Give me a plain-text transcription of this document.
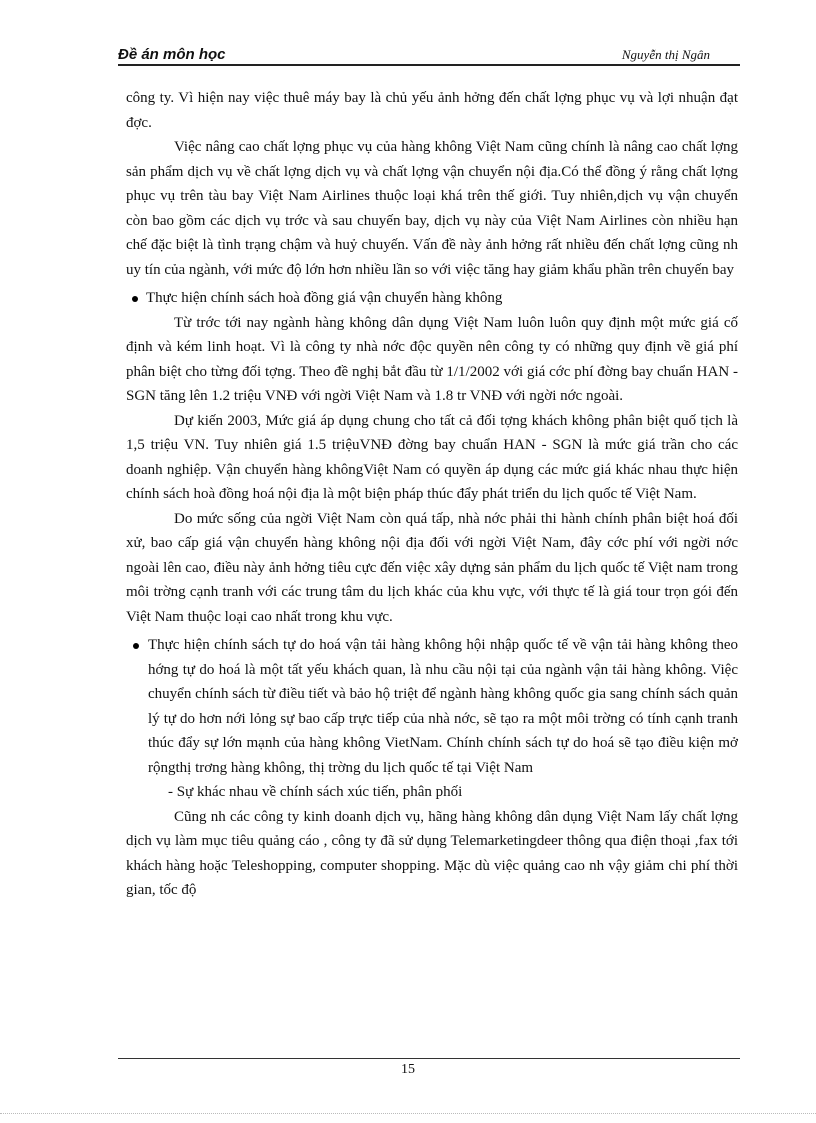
Đề án môn học	Nguyễn thị Ngân

công ty. Vì hiện nay việc thuê máy bay là chủ yếu ảnh hởng đến chất lợng phục vụ và lợi nhuận đạt đợc.

Việc nâng cao chất lợng phục vụ của hàng không Việt Nam cũng chính là nâng cao chất lợng sản phẩm dịch vụ về chất lợng dịch vụ và chất lợng vận chuyển nội địa.Có thể đồng ý rằng chất lợng phục vụ trên tàu bay Việt Nam Airlines thuộc loại khá trên thế giới. Tuy nhiên,dịch vụ vận chuyển còn bao gồm các dịch vụ trớc và sau chuyến bay, dịch vụ này của Việt Nam Airlines còn nhiều hạn chế đặc biệt là tình trạng chậm và huỷ chuyến. Vấn đề này ảnh hởng rất nhiều đến chất lợng cũng nh uy tín của ngành, với mức độ lớn hơn nhiều lần so với việc tăng hay giảm khẩu phần trên chuyến bay

Thực hiện chính sách hoà đồng giá vận chuyển hàng không

Từ trớc tới nay ngành hàng không dân dụng Việt Nam luôn luôn quy định một mức giá cố định và kém linh hoạt. Vì là công ty nhà nớc độc quyền nên công ty có những quy định về giá phí phân biệt cho từng đối tợng. Theo đề nghị bắt đầu từ 1/1/2002 với giá cớc phí đờng bay chuẩn HAN - SGN tăng lên 1.2 triệu VNĐ với ngời Việt Nam và 1.8 tr VNĐ với ngời nớc ngoài.

Dự kiến 2003, Mức giá áp dụng chung cho tất cả đối tợng khách không phân biệt quố tịch là 1,5 triệu VN. Tuy nhiên giá 1.5 triệuVNĐ đờng bay chuẩn HAN - SGN là mức giá trần cho các doanh nghiệp. Vận chuyển hàng khôngViệt Nam có quyền áp dụng các mức giá khác nhau thực hiện chính sách hoà đồng hoá nội địa là một biện pháp thúc đẩy phát triển du lịch quốc tế Việt Nam.

Do mức sống của ngời Việt Nam còn quá tấp, nhà nớc phải thi hành chính phân biệt hoá đối xử, bao cấp giá vận chuyển hàng không nội địa đối với ngời Việt Nam, đây cớc phí với ngời nớc ngoài lên cao, điều này ảnh hởng tiêu cực đến việc xây dựng sản phẩm du lịch quốc tế Việt nam trong môi trờng cạnh tranh với các trung tâm du lịch khác của khu vực, với thực tế là giá tour trọn gói đến Việt Nam thuộc loại cao nhất trong khu vực.

Thực hiện chính sách tự do hoá vận tải hàng không hội nhập quốc tế về vận tải hàng không theo hớng tự do hoá là một tất yếu khách quan, là nhu cầu nội tại của ngành vận tải hàng không. Việc chuyển chính sách từ điều tiết và bảo hộ triệt để ngành hàng không quốc gia sang chính sách quản lý tự do hơn nới lỏng sự bao cấp trực tiếp của nhà nớc, sẽ tạo ra một môi trờng có tính cạnh tranh thúc đẩy sự lớn mạnh của hàng không VietNam. Chính chính sách tự do hoá sẽ tạo điều kiện mở rộngthị trơng hàng không, thị trờng du lịch quốc tế tại Việt Nam
- Sự khác nhau về chính sách xúc tiến, phân phối

Cũng nh các công ty kinh doanh dịch vụ, hãng hàng không dân dụng Việt Nam lấy chất lợng dịch vụ làm mục tiêu quảng cáo , công ty đã sử dụng Telemarketingdeer thông qua điện thoại ,fax tới khách hàng hoặc Teleshopping, computer shopping. Mặc dù việc quảng cao nh vậy giảm chi phí thời gian, tốc độ

15
